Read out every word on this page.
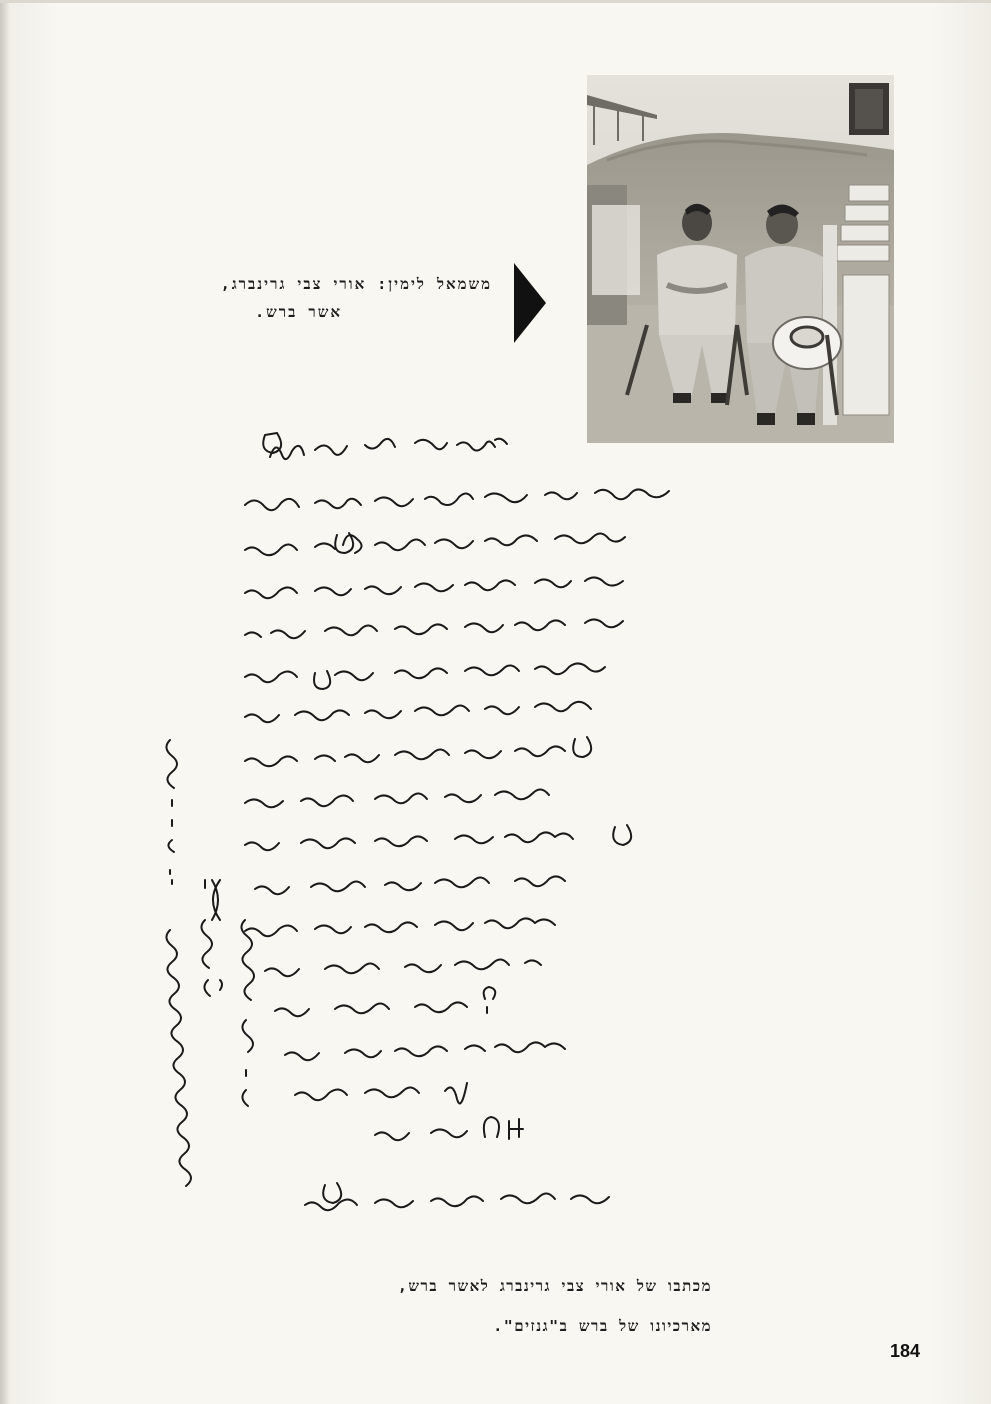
משמאל לימין: אורי צבי גרינברג,
אשר ברש.
מכתבו של אורי צבי גרינברג לאשר ברש,
מארכיונו של ברש ב"גנזים".
184
